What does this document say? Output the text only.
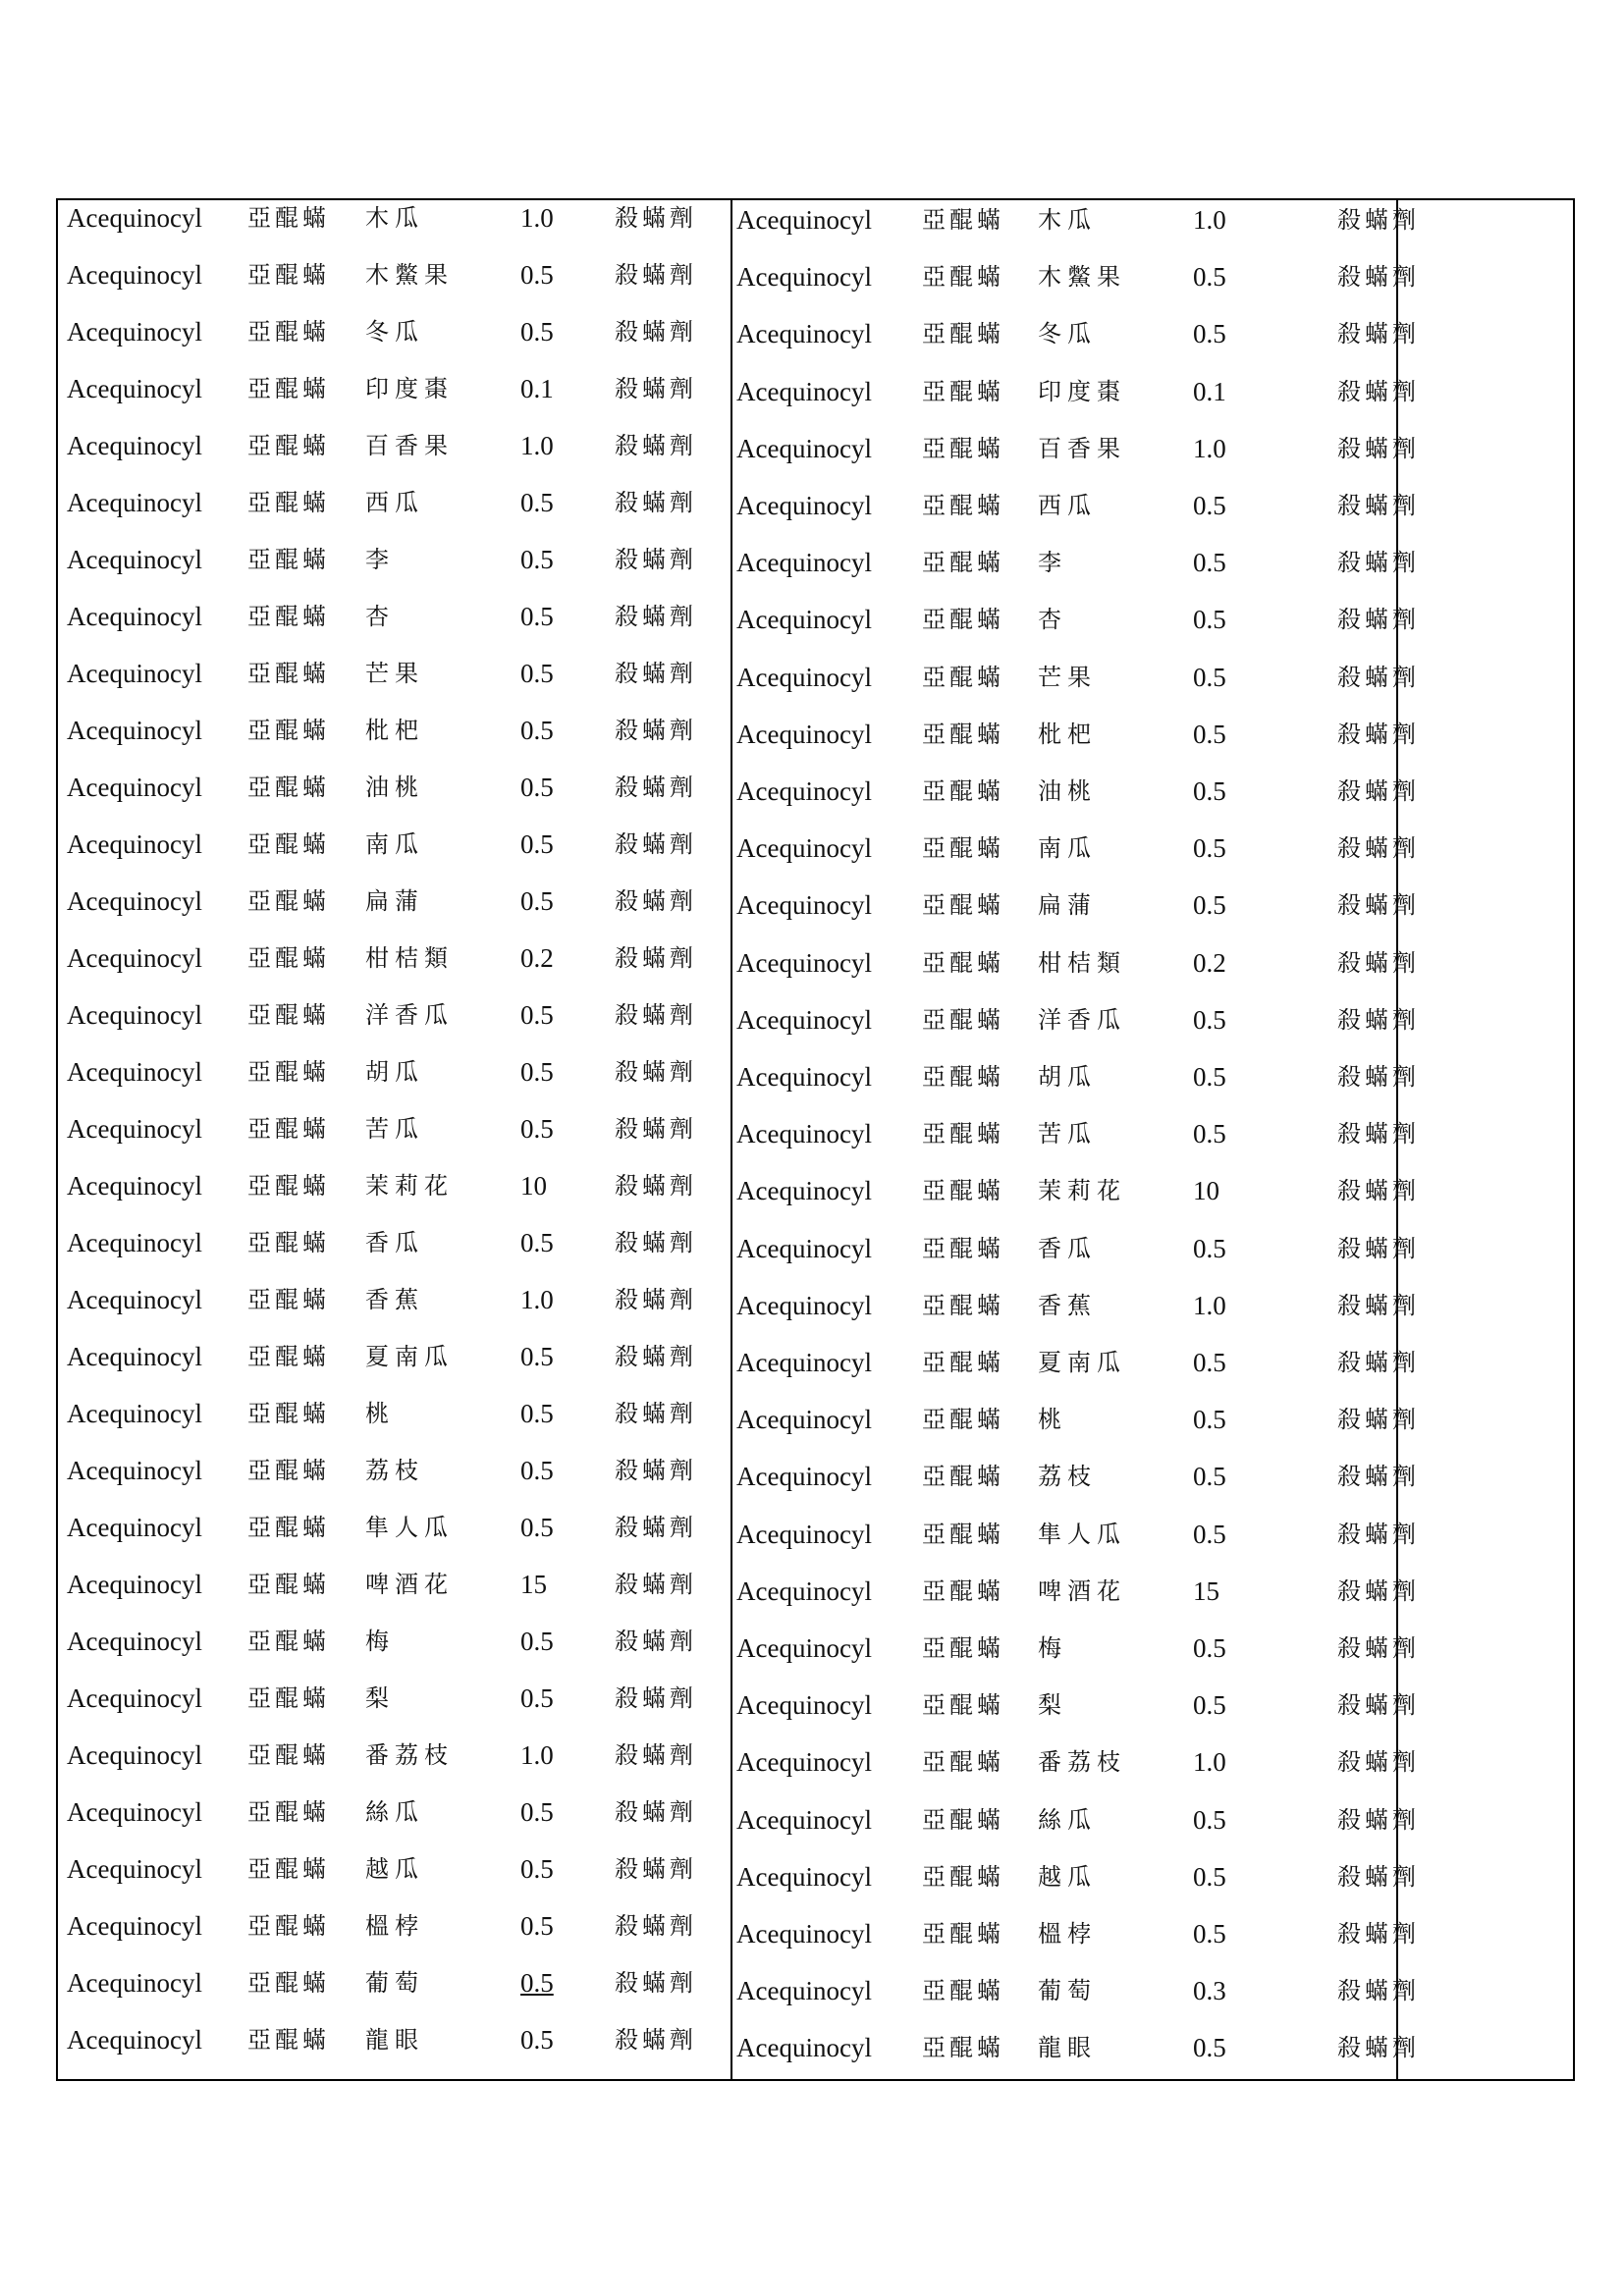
Acequinocyl 亞醌蟎 木瓜	1.0	殺蟎劑
Acequinocyl 亞醌蟎 木鱉果	0.5	殺蟎劑
Acequinocyl 亞醌蟎 冬瓜	0.5	殺蟎劑
Acequinocyl 亞醌蟎 印度棗	0.1	殺蟎劑
Acequinocyl 亞醌蟎 百香果	1.0	殺蟎劑
Acequinocyl 亞醌蟎 西瓜	0.5	殺蟎劑
Acequinocyl 亞醌蟎 李	0.5	殺蟎劑
Acequinocyl 亞醌蟎 杏	0.5	殺蟎劑
Acequinocyl 亞醌蟎 芒果	0.5	殺蟎劑
Acequinocyl 亞醌蟎 枇杷	0.5	殺蟎劑
Acequinocyl 亞醌蟎 油桃	0.5	殺蟎劑
Acequinocyl 亞醌蟎 南瓜	0.5	殺蟎劑
Acequinocyl 亞醌蟎 扁蒲	0.5	殺蟎劑
Acequinocyl 亞醌蟎 柑桔類	0.2	殺蟎劑
Acequinocyl 亞醌蟎 洋香瓜	0.5	殺蟎劑
Acequinocyl 亞醌蟎 胡瓜	0.5	殺蟎劑
Acequinocyl 亞醌蟎 苦瓜	0.5	殺蟎劑
Acequinocyl 亞醌蟎 茉莉花	10	殺蟎劑
Acequinocyl 亞醌蟎 香瓜	0.5	殺蟎劑
Acequinocyl 亞醌蟎 香蕉	1.0	殺蟎劑
Acequinocyl 亞醌蟎 夏南瓜	0.5	殺蟎劑
Acequinocyl 亞醌蟎 桃	0.5	殺蟎劑
Acequinocyl 亞醌蟎 荔枝	0.5	殺蟎劑
Acequinocyl 亞醌蟎 隼人瓜	0.5	殺蟎劑
Acequinocyl 亞醌蟎 啤酒花	15	殺蟎劑
Acequinocyl 亞醌蟎 梅	0.5	殺蟎劑
Acequinocyl 亞醌蟎 梨	0.5	殺蟎劑
Acequinocyl 亞醌蟎 番荔枝	1.0	殺蟎劑
Acequinocyl 亞醌蟎 絲瓜	0.5	殺蟎劑
Acequinocyl 亞醌蟎 越瓜	0.5	殺蟎劑
Acequinocyl 亞醌蟎 榲桲	0.5	殺蟎劑
Acequinocyl 亞醌蟎 葡萄	0.5	殺蟎劑
Acequinocyl 亞醌蟎 龍眼	0.5	殺蟎劑
Acequinocyl 亞醌蟎 木瓜	1.0	殺蟎劑
Acequinocyl 亞醌蟎 木鱉果	0.5	殺蟎劑
Acequinocyl 亞醌蟎 冬瓜	0.5	殺蟎劑
Acequinocyl 亞醌蟎 印度棗	0.1	殺蟎劑
Acequinocyl 亞醌蟎 百香果	1.0	殺蟎劑
Acequinocyl 亞醌蟎 西瓜	0.5	殺蟎劑
Acequinocyl 亞醌蟎 李	0.5	殺蟎劑
Acequinocyl 亞醌蟎 杏	0.5	殺蟎劑
Acequinocyl 亞醌蟎 芒果	0.5	殺蟎劑
Acequinocyl 亞醌蟎 枇杷	0.5	殺蟎劑
Acequinocyl 亞醌蟎 油桃	0.5	殺蟎劑
Acequinocyl 亞醌蟎 南瓜	0.5	殺蟎劑
Acequinocyl 亞醌蟎 扁蒲	0.5	殺蟎劑
Acequinocyl 亞醌蟎 柑桔類	0.2	殺蟎劑
Acequinocyl 亞醌蟎 洋香瓜	0.5	殺蟎劑
Acequinocyl 亞醌蟎 胡瓜	0.5	殺蟎劑
Acequinocyl 亞醌蟎 苦瓜	0.5	殺蟎劑
Acequinocyl 亞醌蟎 茉莉花	10	殺蟎劑
Acequinocyl 亞醌蟎 香瓜	0.5	殺蟎劑
Acequinocyl 亞醌蟎 香蕉	1.0	殺蟎劑
Acequinocyl 亞醌蟎 夏南瓜	0.5	殺蟎劑
Acequinocyl 亞醌蟎 桃	0.5	殺蟎劑
Acequinocyl 亞醌蟎 荔枝	0.5	殺蟎劑
Acequinocyl 亞醌蟎 隼人瓜	0.5	殺蟎劑
Acequinocyl 亞醌蟎 啤酒花	15	殺蟎劑
Acequinocyl 亞醌蟎 梅	0.5	殺蟎劑
Acequinocyl 亞醌蟎 梨	0.5	殺蟎劑
Acequinocyl 亞醌蟎 番荔枝	1.0	殺蟎劑
Acequinocyl 亞醌蟎 絲瓜	0.5	殺蟎劑
Acequinocyl 亞醌蟎 越瓜	0.5	殺蟎劑
Acequinocyl 亞醌蟎 榲桲	0.5	殺蟎劑
Acequinocyl 亞醌蟎 葡萄	0.3	殺蟎劑
Acequinocyl 亞醌蟎 龍眼	0.5	殺蟎劑
